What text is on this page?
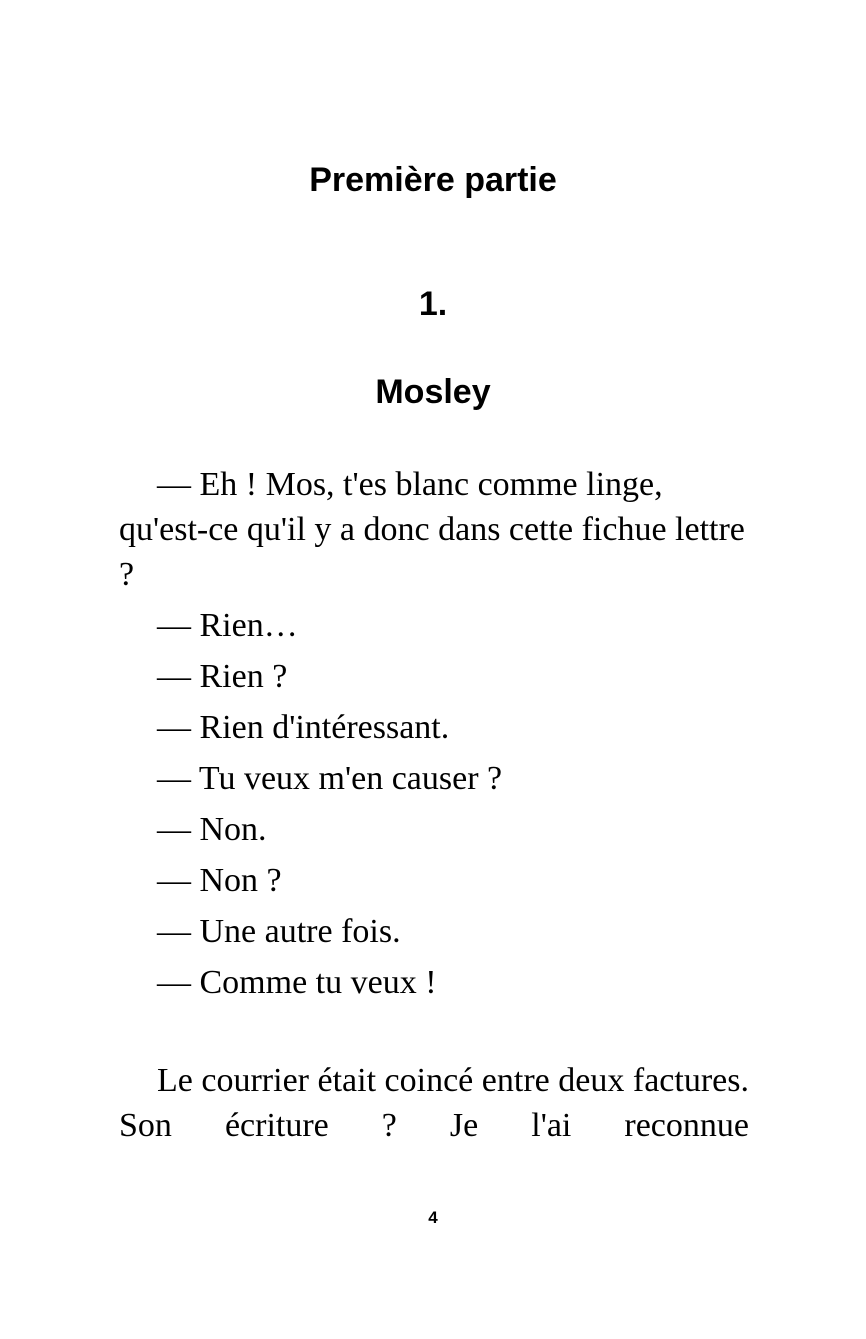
Première partie
1.
Mosley

— Eh ! Mos, t'es blanc comme linge, qu'est-ce qu'il y a donc dans cette fichue lettre ?

— Rien…

— Rien ?

— Rien d'intéressant.

— Tu veux m'en causer ?

— Non.

— Non ?

— Une autre fois.

— Comme tu veux !

Le courrier était coincé entre deux factures. Son écriture ? Je l'ai reconnue

4
